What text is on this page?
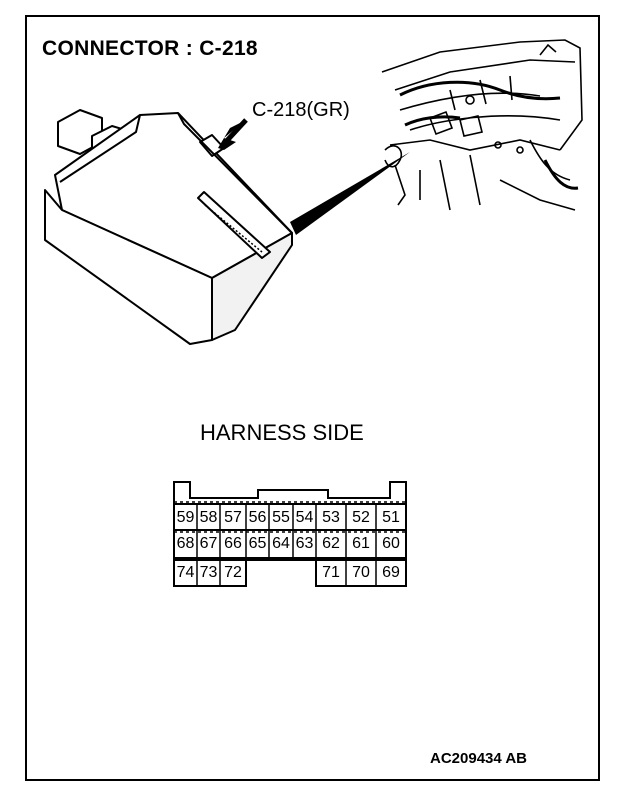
CONNECTOR : C-218
C-218(GR)
HARNESS SIDE
59 58 57 56 55 54 53 52 51
68 67 66 65 64 63 62 61 60
74 73 72	71 70 69
AC209434 AB
